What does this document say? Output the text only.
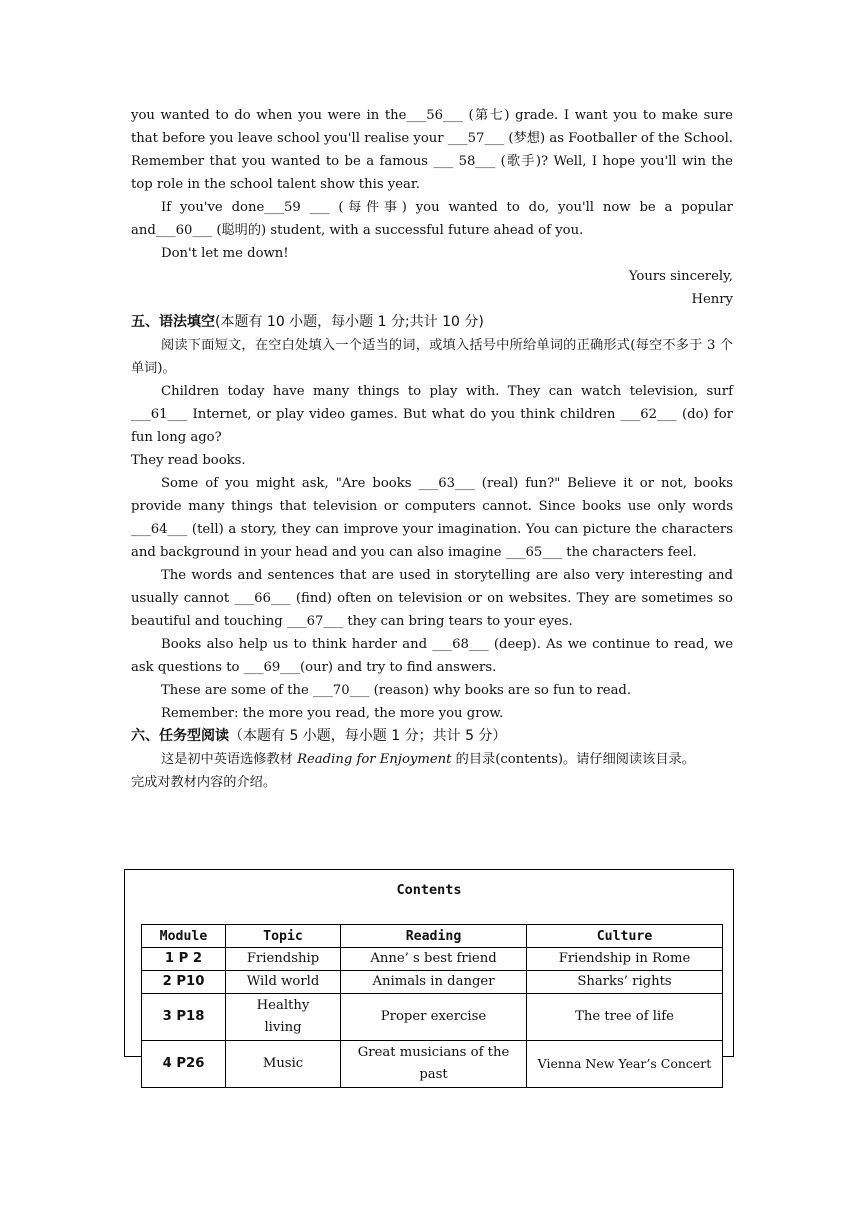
you wanted to do when you were in the___56___ (第七) grade. I want you to make sure that before you leave school you'll realise your ___57___ (梦想) as Footballer of the School. Remember that you wanted to be a famous ___ 58___ (歌手)? Well, I hope you'll win the top role in the school talent show this year.

If you've done___59 ___ (每件事) you wanted to do, you'll now be a popular and___60___ (聪明的) student, with a successful future ahead of you.

Don't let me down!

Yours sincerely,

Henry

五、语法填空(本题有 10 小题，每小题 1 分;共计 10 分)

阅读下面短文，在空白处填入一个适当的词，或填入括号中所给单词的正确形式(每空不多于 3 个单词)。

Children today have many things to play with. They can watch television, surf ___61___ Internet, or play video games. But what do you think children ___62___ (do) for fun long ago?

They read books.

Some of you might ask, "Are books ___63___ (real) fun?" Believe it or not, books provide many things that television or computers cannot. Since books use only words ___64___ (tell) a story, they can improve your imagination. You can picture the characters and background in your head and you can also imagine ___65___ the characters feel.

The words and sentences that are used in storytelling are also very interesting and usually cannot ___66___ (find) often on television or on websites. They are sometimes so beautiful and touching ___67___ they can bring tears to your eyes.

Books also help us to think harder and ___68___ (deep). As we continue to read, we ask questions to ___69___(our) and try to find answers.

These are some of the ___70___ (reason) why books are so fun to read.

Remember: the more you read, the more you grow.

六、任务型阅读（本题有 5 小题，每小题 1 分；共计 5 分）

这是初中英语选修教材 Reading for Enjoyment 的目录(contents)。请仔细阅读该目录。

完成对教材内容的介绍。

Contents
Module	Topic	Reading	Culture
1 P 2	Friendship	Anne’ s best friend	Friendship in Rome
2 P10	Wild world	Animals in danger	Sharks’ rights
3 P18	Healthy living	Proper exercise	The tree of life
4 P26	Music	Great musicians of the past	Vienna New Year’s Concert
